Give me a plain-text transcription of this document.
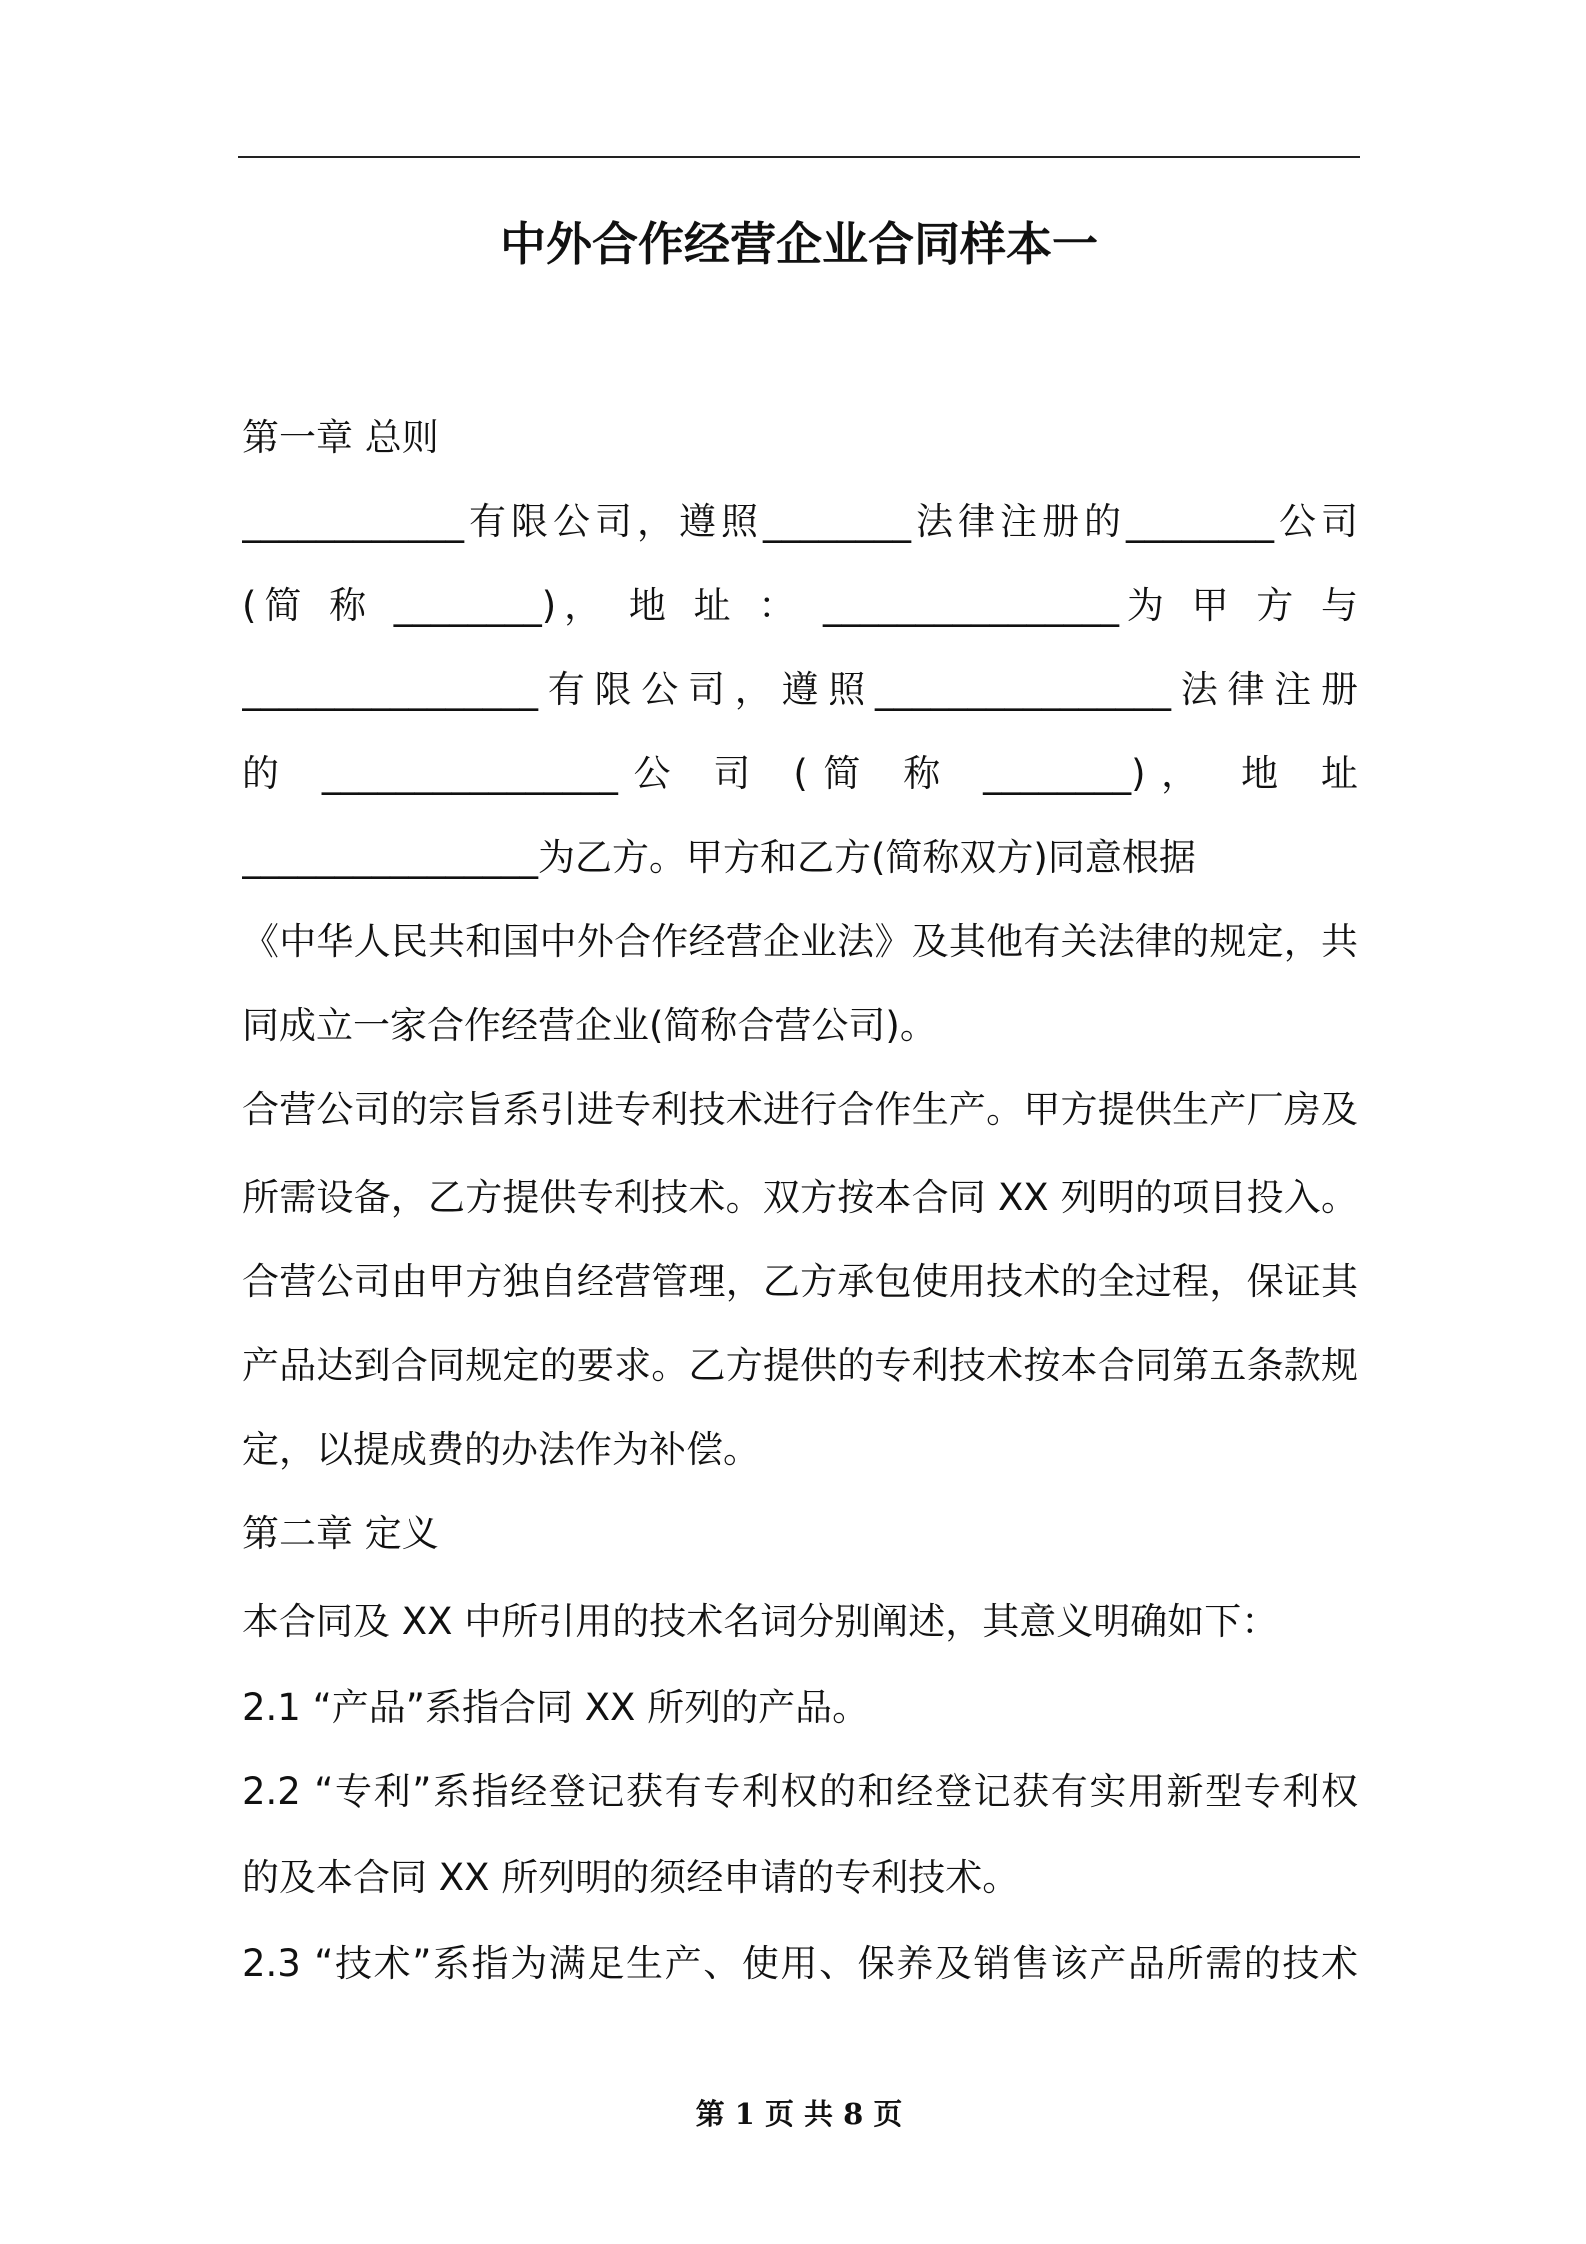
中外合作经营企业合同样本一
第一章 总则
____________有限公司，遵照________法律注册的________公司
(简 称 ________)， 地 址 ： ________________为 甲 方 与
________________有限公司，遵照________________法律注册
的 ________________公 司 (简 称 ________)， 地 址
________________为乙方。甲方和乙方(简称双方)同意根据
《中华人民共和国中外合作经营企业法》及其他有关法律的规定，共
同成立一家合作经营企业(简称合营公司)。
合营公司的宗旨系引进专利技术进行合作生产。甲方提供生产厂房及
所需设备，乙方提供专利技术。双方按本合同 XX 列明的项目投入。
合营公司由甲方独自经营管理，乙方承包使用技术的全过程，保证其
产品达到合同规定的要求。乙方提供的专利技术按本合同第五条款规
定，以提成费的办法作为补偿。
第二章 定义
本合同及 XX 中所引用的技术名词分别阐述，其意义明确如下：
2.1 “产品”系指合同 XX 所列的产品。
2.2 “专利”系指经登记获有专利权的和经登记获有实用新型专利权
的及本合同 XX 所列明的须经申请的专利技术。
2.3 “技术”系指为满足生产、使用、保养及销售该产品所需的技术
第 1 页 共 8 页
